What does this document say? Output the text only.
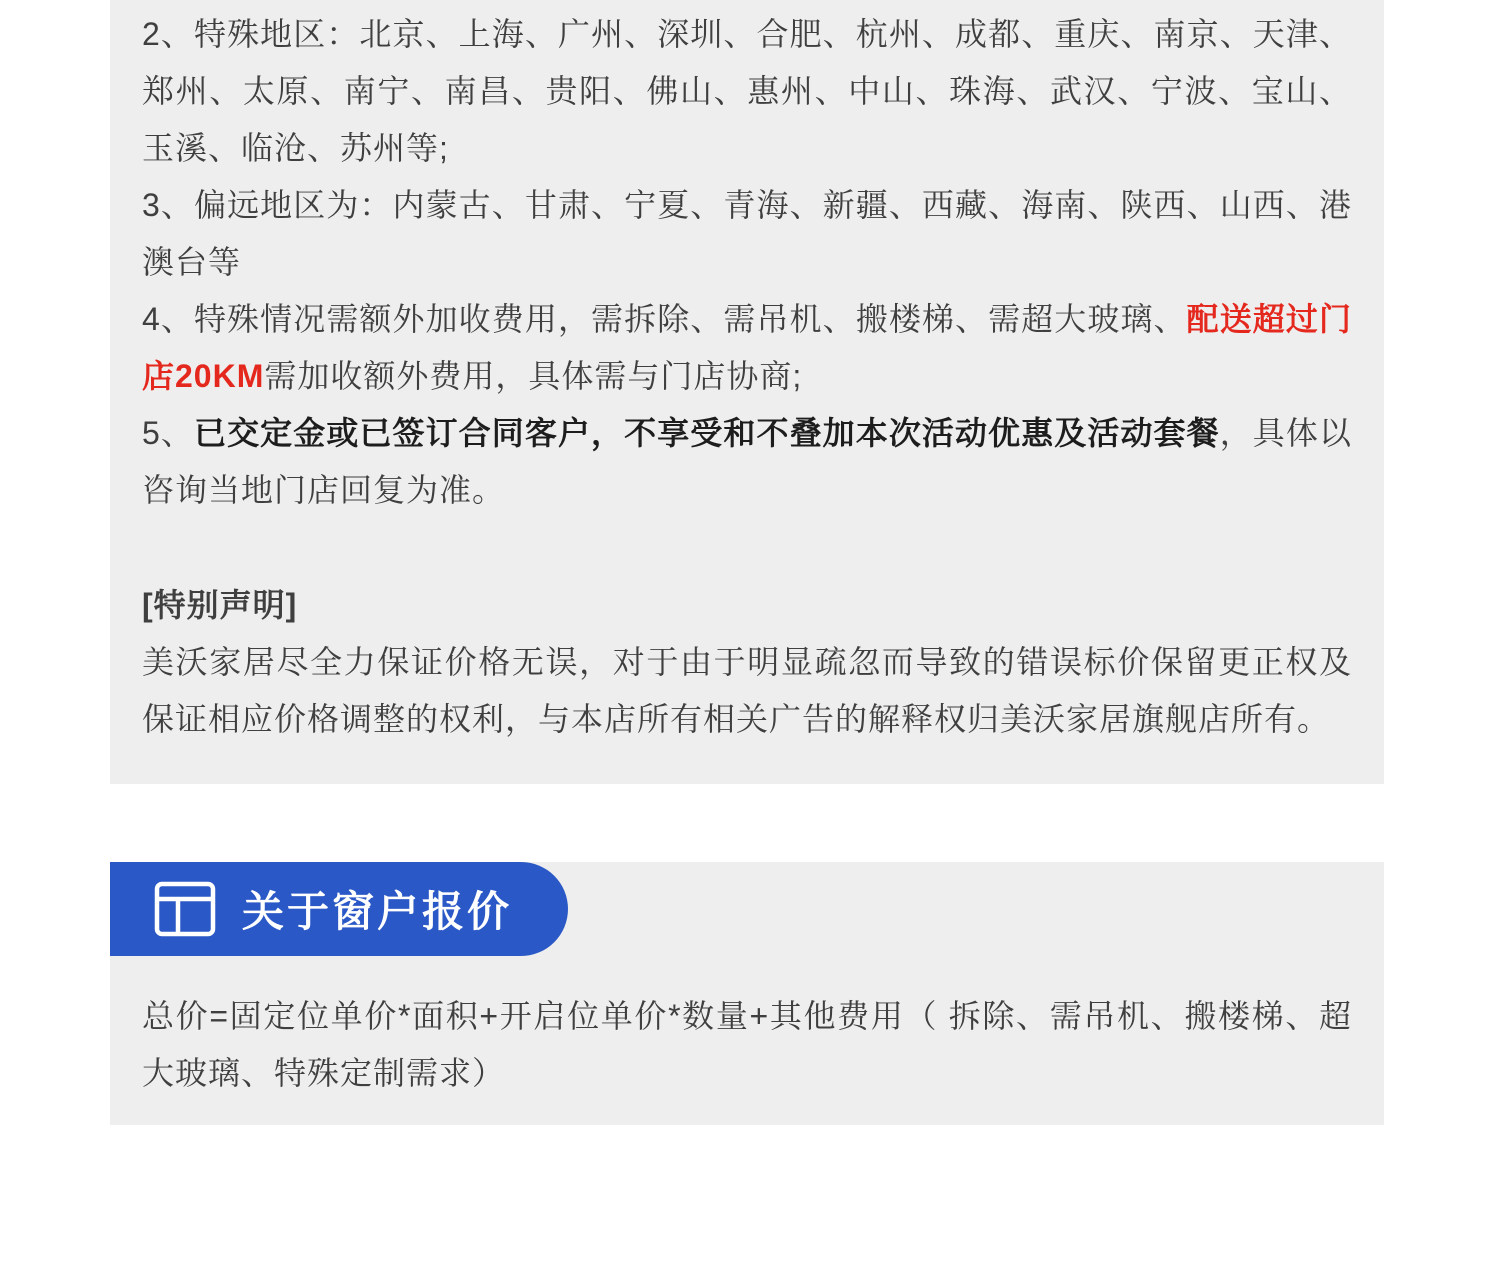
2、特殊地区：北京、上海、广州、深圳、合肥、杭州、成都、重庆、南京、天津、郑州、太原、南宁、南昌、贵阳、佛山、惠州、中山、珠海、武汉、宁波、宝山、玉溪、临沧、苏州等;

3、偏远地区为：内蒙古、甘肃、宁夏、青海、新疆、西藏、海南、陕西、山西、港澳台等

4、特殊情况需额外加收费用，需拆除、需吊机、搬楼梯、需超大玻璃、配送超过门店20KM需加收额外费用，具体需与门店协商;

5、已交定金或已签订合同客户，不享受和不叠加本次活动优惠及活动套餐，具体以咨询当地门店回复为准。

[特别声明]

美沃家居尽全力保证价格无误，对于由于明显疏忽而导致的错误标价保留更正权及保证相应价格调整的权利，与本店所有相关广告的解释权归美沃家居旗舰店所有。

关于窗户报价

总价=固定位单价*面积+开启位单价*数量+其他费用（ 拆除、需吊机、搬楼梯、超大玻璃、特殊定制需求）
